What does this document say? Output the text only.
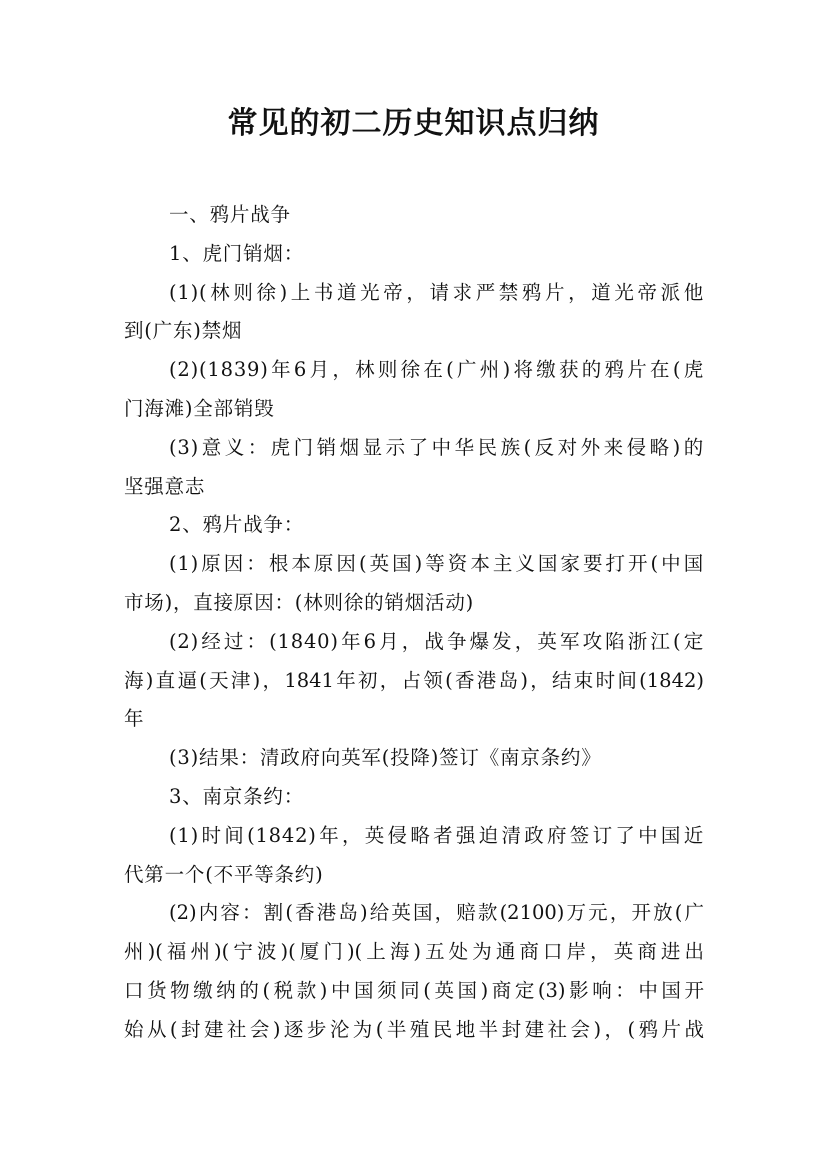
常见的初二历史知识点归纳
一、鸦片战争
1、虎门销烟：
(1)(林则徐)上书道光帝，请求严禁鸦片，道光帝派他
到(广东)禁烟
(2)(1839)年6月，林则徐在(广州)将缴获的鸦片在(虎
门海滩)全部销毁
(3)意义：虎门销烟显示了中华民族(反对外来侵略)的
坚强意志
2、鸦片战争：
(1)原因：根本原因(英国)等资本主义国家要打开(中国
市场)，直接原因：(林则徐的销烟活动)
(2)经过：(1840)年6月，战争爆发，英军攻陷浙江(定
海)直逼(天津)，1841年初，占领(香港岛)，结束时间(1842)
年
(3)结果：清政府向英军(投降)签订《南京条约》
3、南京条约：
(1)时间(1842)年，英侵略者强迫清政府签订了中国近
代第一个(不平等条约)
(2)内容：割(香港岛)给英国，赔款(2100)万元，开放(广
州)(福州)(宁波)(厦门)(上海)五处为通商口岸，英商进出
口货物缴纳的(税款)中国须同(英国)商定(3)影响：中国开
始从(封建社会)逐步沦为(半殖民地半封建社会)，(鸦片战
